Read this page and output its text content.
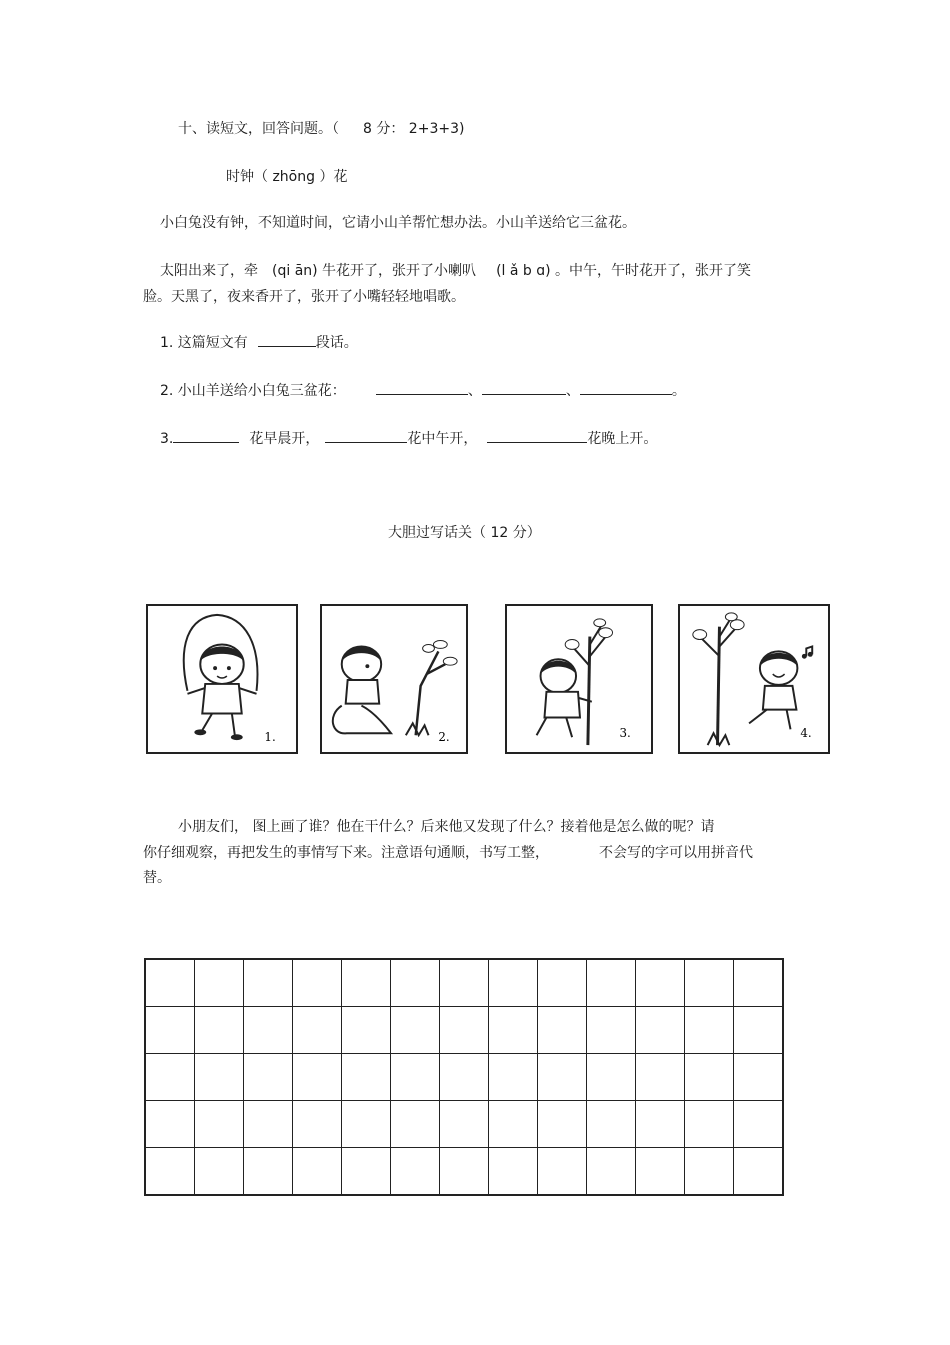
十、读短文，回答问题。（ 8 分： 2+3+3)
时钟（ zhōng ）花
小白兔没有钟，不知道时间，它请小山羊帮忙想办法。小山羊送给它三盆花。
太阳出来了，牵 (qi ān) 牛花开了，张开了小喇叭 (l ǎ b ɑ) 。中午，午时花开了，张开了笑
脸。天黑了，夜来香开了，张开了小嘴轻轻地唱歌。
1. 这篇短文有	段话。
2. 小山羊送给小白兔三盆花：	、	、	。
3.	花早晨开，	花中午开，	花晚上开。
大胆过写话关（ 12 分）
1.	2.	3.	4.
小朋友们， 图上画了谁？他在干什么？后来他又发现了什么？接着他是怎么做的呢？请
你仔细观察，再把发生的事情写下来。注意语句通顺，书写工整，	不会写的字可以用拼音代
替。
